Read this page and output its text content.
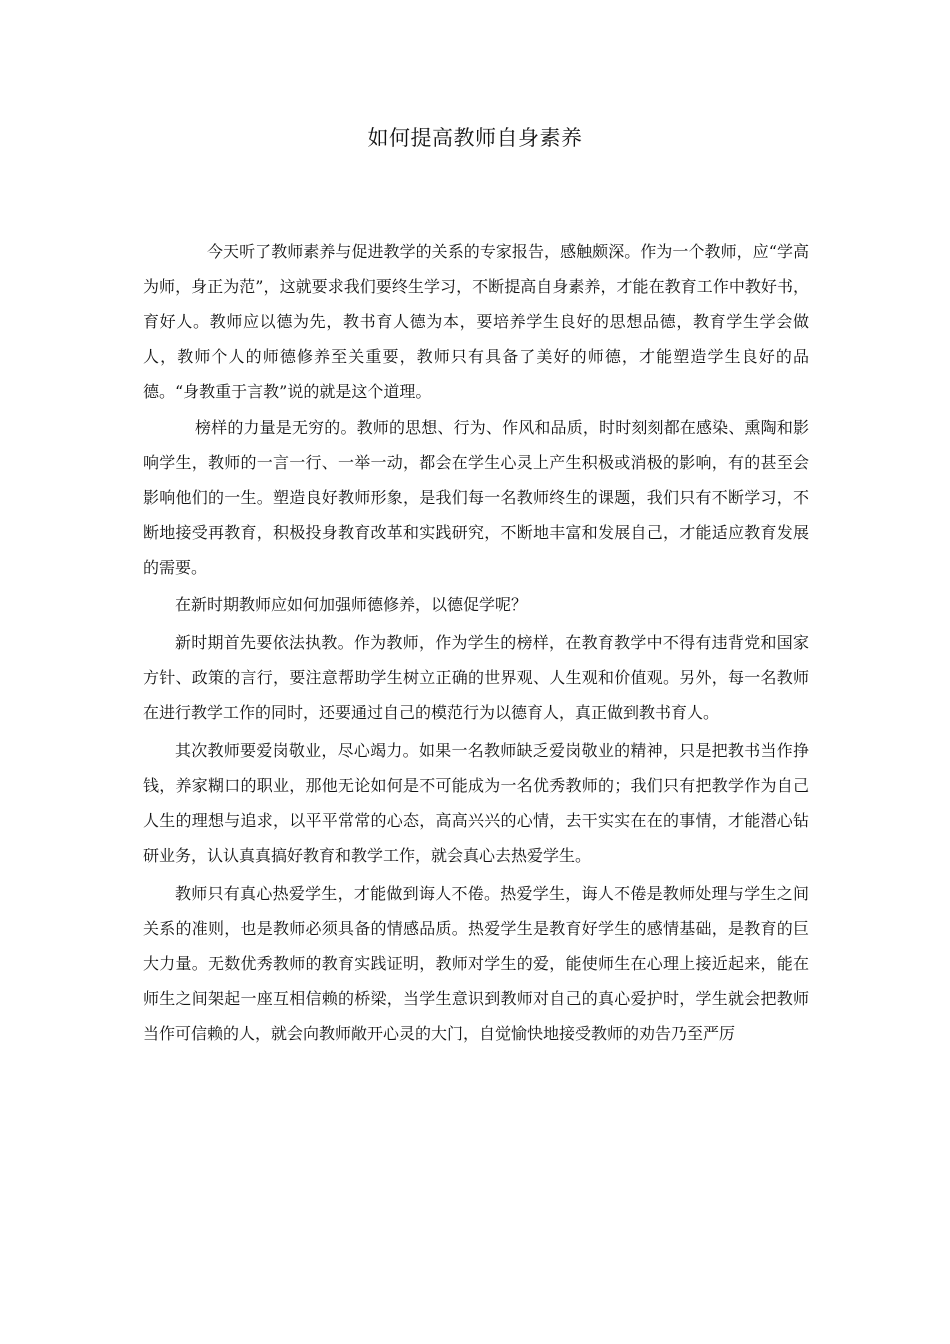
如何提高教师自身素养

今天听了教师素养与促进教学的关系的专家报告，感触颇深。作为一个教师，应“学高为师，身正为范”，这就要求我们要终生学习，不断提高自身素养，才能在教育工作中教好书，育好人。教师应以德为先，教书育人德为本，要培养学生良好的思想品德，教育学生学会做人，教师个人的师德修养至关重要，教师只有具备了美好的师德，才能塑造学生良好的品德。“身教重于言教”说的就是这个道理。

榜样的力量是无穷的。教师的思想、行为、作风和品质，时时刻刻都在感染、熏陶和影响学生，教师的一言一行、一举一动，都会在学生心灵上产生积极或消极的影响，有的甚至会影响他们的一生。塑造良好教师形象，是我们每一名教师终生的课题，我们只有不断学习，不断地接受再教育，积极投身教育改革和实践研究，不断地丰富和发展自己，才能适应教育发展的需要。

在新时期教师应如何加强师德修养，以德促学呢？

新时期首先要依法执教。作为教师，作为学生的榜样，在教育教学中不得有违背党和国家方针、政策的言行，要注意帮助学生树立正确的世界观、人生观和价值观。另外，每一名教师在进行教学工作的同时，还要通过自己的模范行为以德育人，真正做到教书育人。

其次教师要爱岗敬业，尽心竭力。如果一名教师缺乏爱岗敬业的精神，只是把教书当作挣钱，养家糊口的职业，那他无论如何是不可能成为一名优秀教师的；我们只有把教学作为自己人生的理想与追求，以平平常常的心态，高高兴兴的心情，去干实实在在的事情，才能潜心钻研业务，认认真真搞好教育和教学工作，就会真心去热爱学生。

教师只有真心热爱学生，才能做到诲人不倦。热爱学生，诲人不倦是教师处理与学生之间关系的准则，也是教师必须具备的情感品质。热爱学生是教育好学生的感情基础，是教育的巨大力量。无数优秀教师的教育实践证明，教师对学生的爱，能使师生在心理上接近起来，能在师生之间架起一座互相信赖的桥梁，当学生意识到教师对自己的真心爱护时，学生就会把教师当作可信赖的人，就会向教师敞开心灵的大门，自觉愉快地接受教师的劝告乃至严厉
